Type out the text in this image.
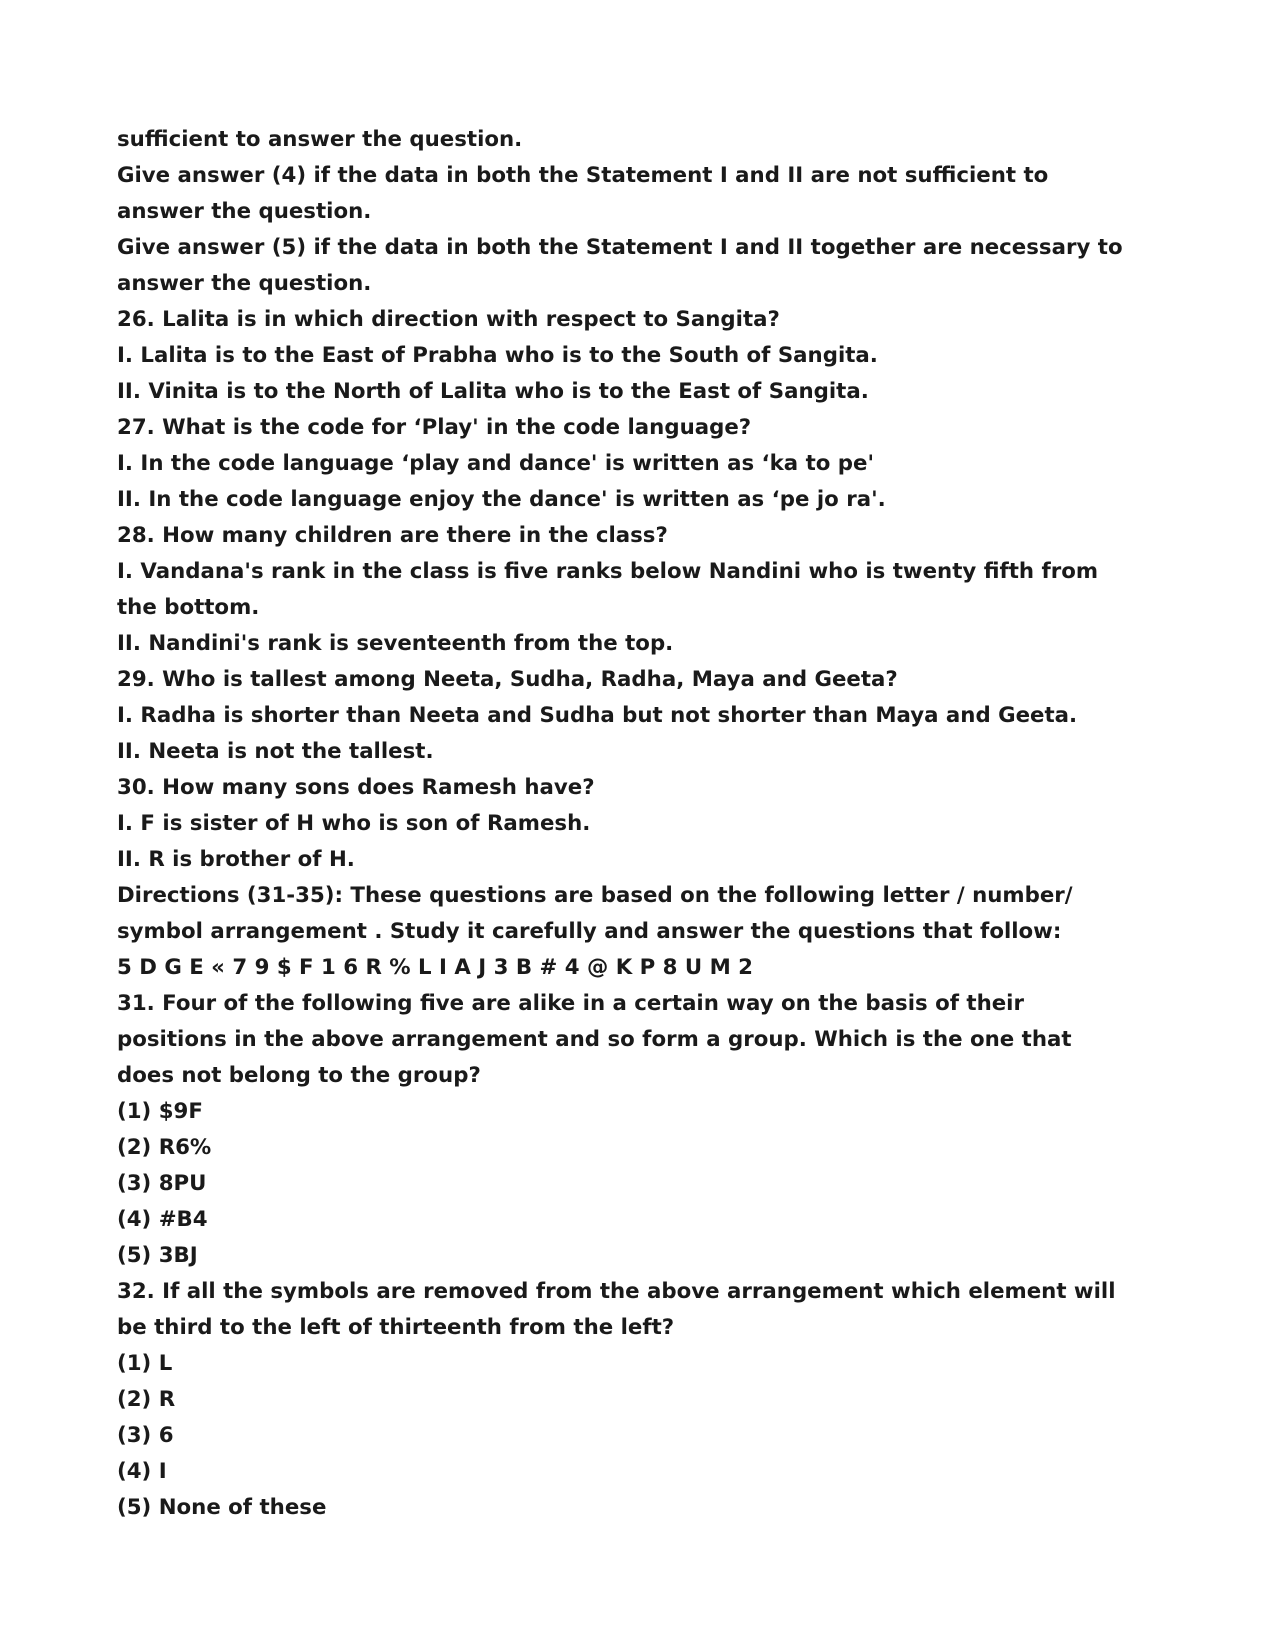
sufficient to answer the question.

Give answer (4) if the data in both the Statement I and II are not sufficient to

answer the question.

Give answer (5) if the data in both the Statement I and II together are necessary to

answer the question.

26. Lalita is in which direction with respect to Sangita?

I. Lalita is to the East of Prabha who is to the South of Sangita.

II. Vinita is to the North of Lalita who is to the East of Sangita.

27. What is the code for ‘Play' in the code language?

I. In the code language ‘play and dance' is written as ‘ka to pe'

II. In the code language enjoy the dance' is written as ‘pe jo ra'.

28. How many children are there in the class?

I. Vandana's rank in the class is five ranks below Nandini who is twenty fifth from

the bottom.

II. Nandini's rank is seventeenth from the top.

29. Who is tallest among Neeta, Sudha, Radha, Maya and Geeta?

I. Radha is shorter than Neeta and Sudha but not shorter than Maya and Geeta.

II. Neeta is not the tallest.

30. How many sons does Ramesh have?

I. F is sister of H who is son of Ramesh.

II. R is brother of H.

Directions (31-35): These questions are based on the following letter / number/

symbol arrangement . Study it carefully and answer the questions that follow:

5 D G E « 7 9 $ F 1 6 R % L I A J 3 B # 4 @ K P 8 U M 2

31. Four of the following five are alike in a certain way on the basis of their

positions in the above arrangement and so form a group. Which is the one that

does not belong to the group?

(1) $9F

(2) R6%

(3) 8PU

(4) #B4

(5) 3BJ

32. If all the symbols are removed from the above arrangement which element will

be third to the left of thirteenth from the left?

(1) L

(2) R

(3) 6

(4) I

(5) None of these
